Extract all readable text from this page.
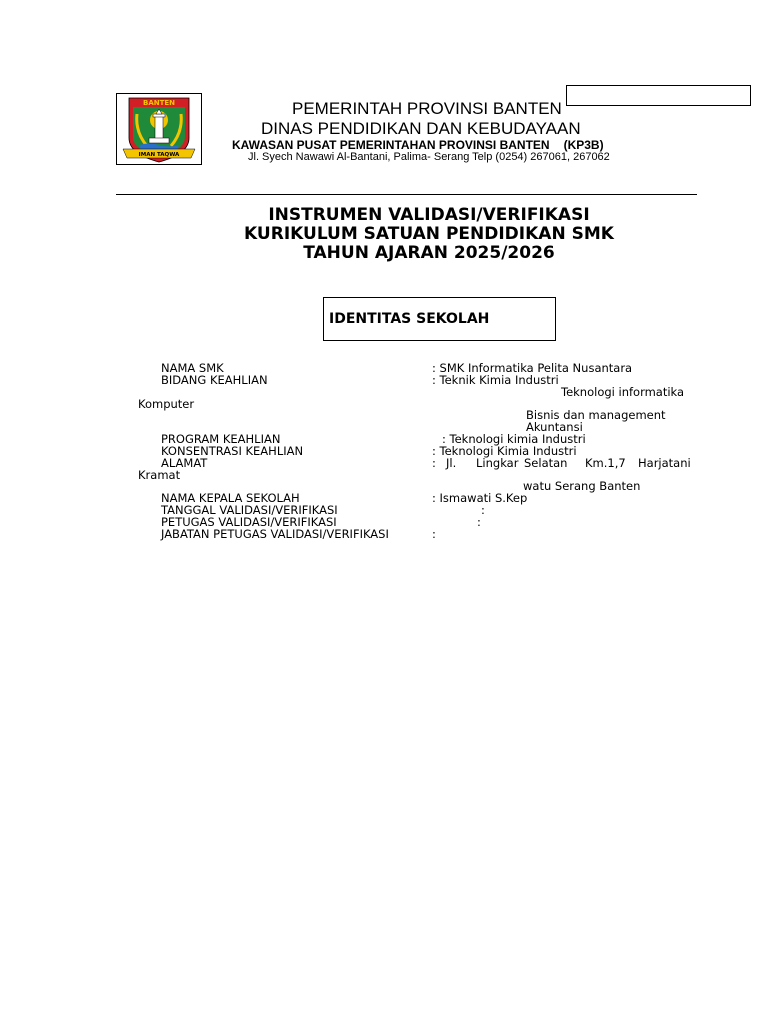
BANTEN
IMAN TAQWA
PEMERINTAH PROVINSI BANTEN
DINAS PENDIDIKAN DAN KEBUDAYAAN
KAWASAN PUSAT PEMERINTAHAN PROVINSI BANTEN (KP3B)
Jl. Syech Nawawi Al-Bantani, Palima- Serang Telp (0254) 267061, 267062
INSTRUMEN VALIDASI/VERIFIKASI
KURIKULUM SATUAN PENDIDIKAN SMK
TAHUN AJARAN 2025/2026
IDENTITAS SEKOLAH
NAMA SMK	: SMK Informatika Pelita Nusantara
BIDANG KEAHLIAN	: Teknik Kimia Industri
Teknologi informatika
Komputer
Bisnis dan management
Akuntansi
PROGRAM KEAHLIAN	: Teknologi kimia Industri
KONSENTRASI KEAHLIAN	: Teknologi Kimia Industri
ALAMAT	: Jl. Lingkar Selatan Km.1,7 Harjatani
Kramat
watu Serang Banten
NAMA KEPALA SEKOLAH	: Ismawati S.Kep
TANGGAL VALIDASI/VERIFIKASI	:
PETUGAS VALIDASI/VERIFIKASI	:
JABATAN PETUGAS VALIDASI/VERIFIKASI	:
